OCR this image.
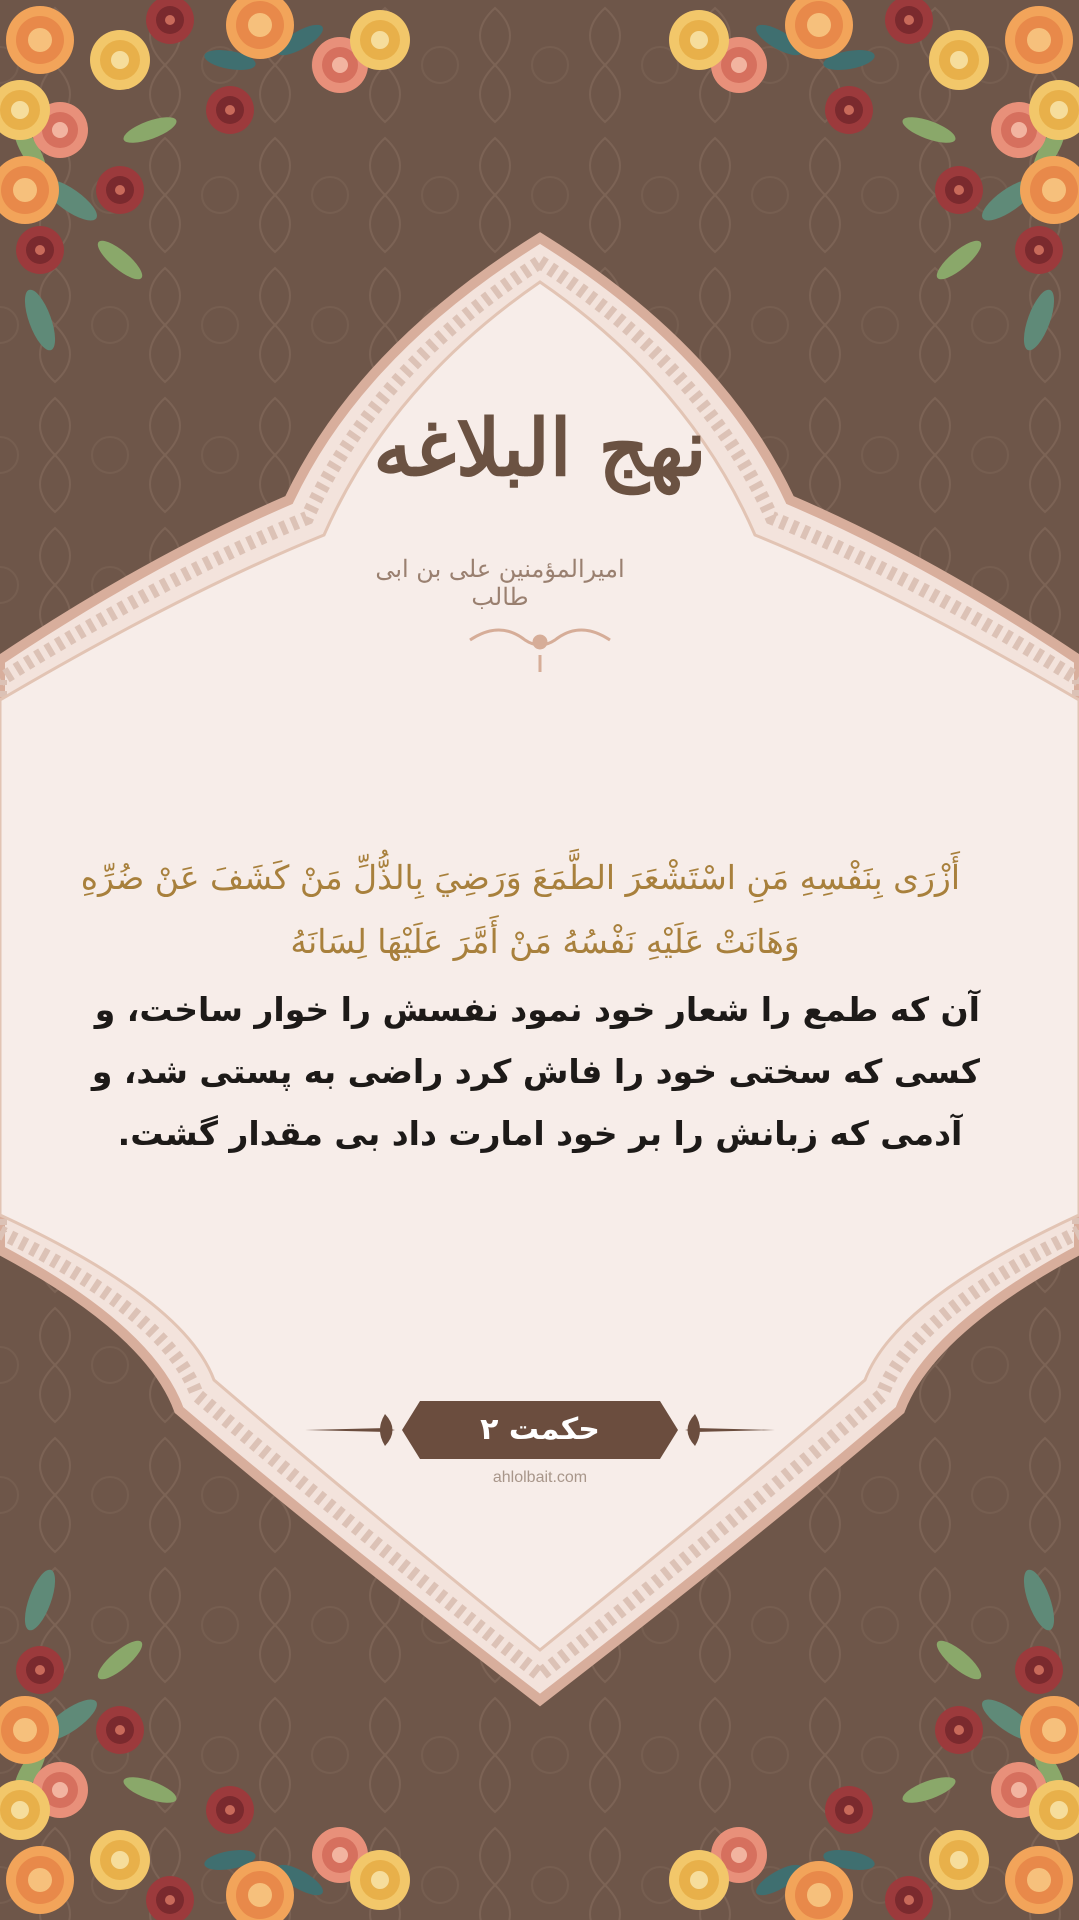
نهج البلاغه
امیرالمؤمنین علی بن ابی طالب
أَزْرَى بِنَفْسِهِ مَنِ اسْتَشْعَرَ الطَّمَعَ وَرَضِيَ بِالذُّلِّ مَنْ كَشَفَ عَنْ ضُرِّهِ
وَهَانَتْ عَلَيْهِ نَفْسُهُ مَنْ أَمَّرَ عَلَيْهَا لِسَانَهُ
آن که طمع را شعار خود نمود نفسش را خوار ساخت، و
کسی که سختی خود را فاش کرد راضی به پستی شد، و
آدمی که زبانش را بر خود امارت داد بی مقدار گشت.
حکمت ۲
ahlolbait.com
